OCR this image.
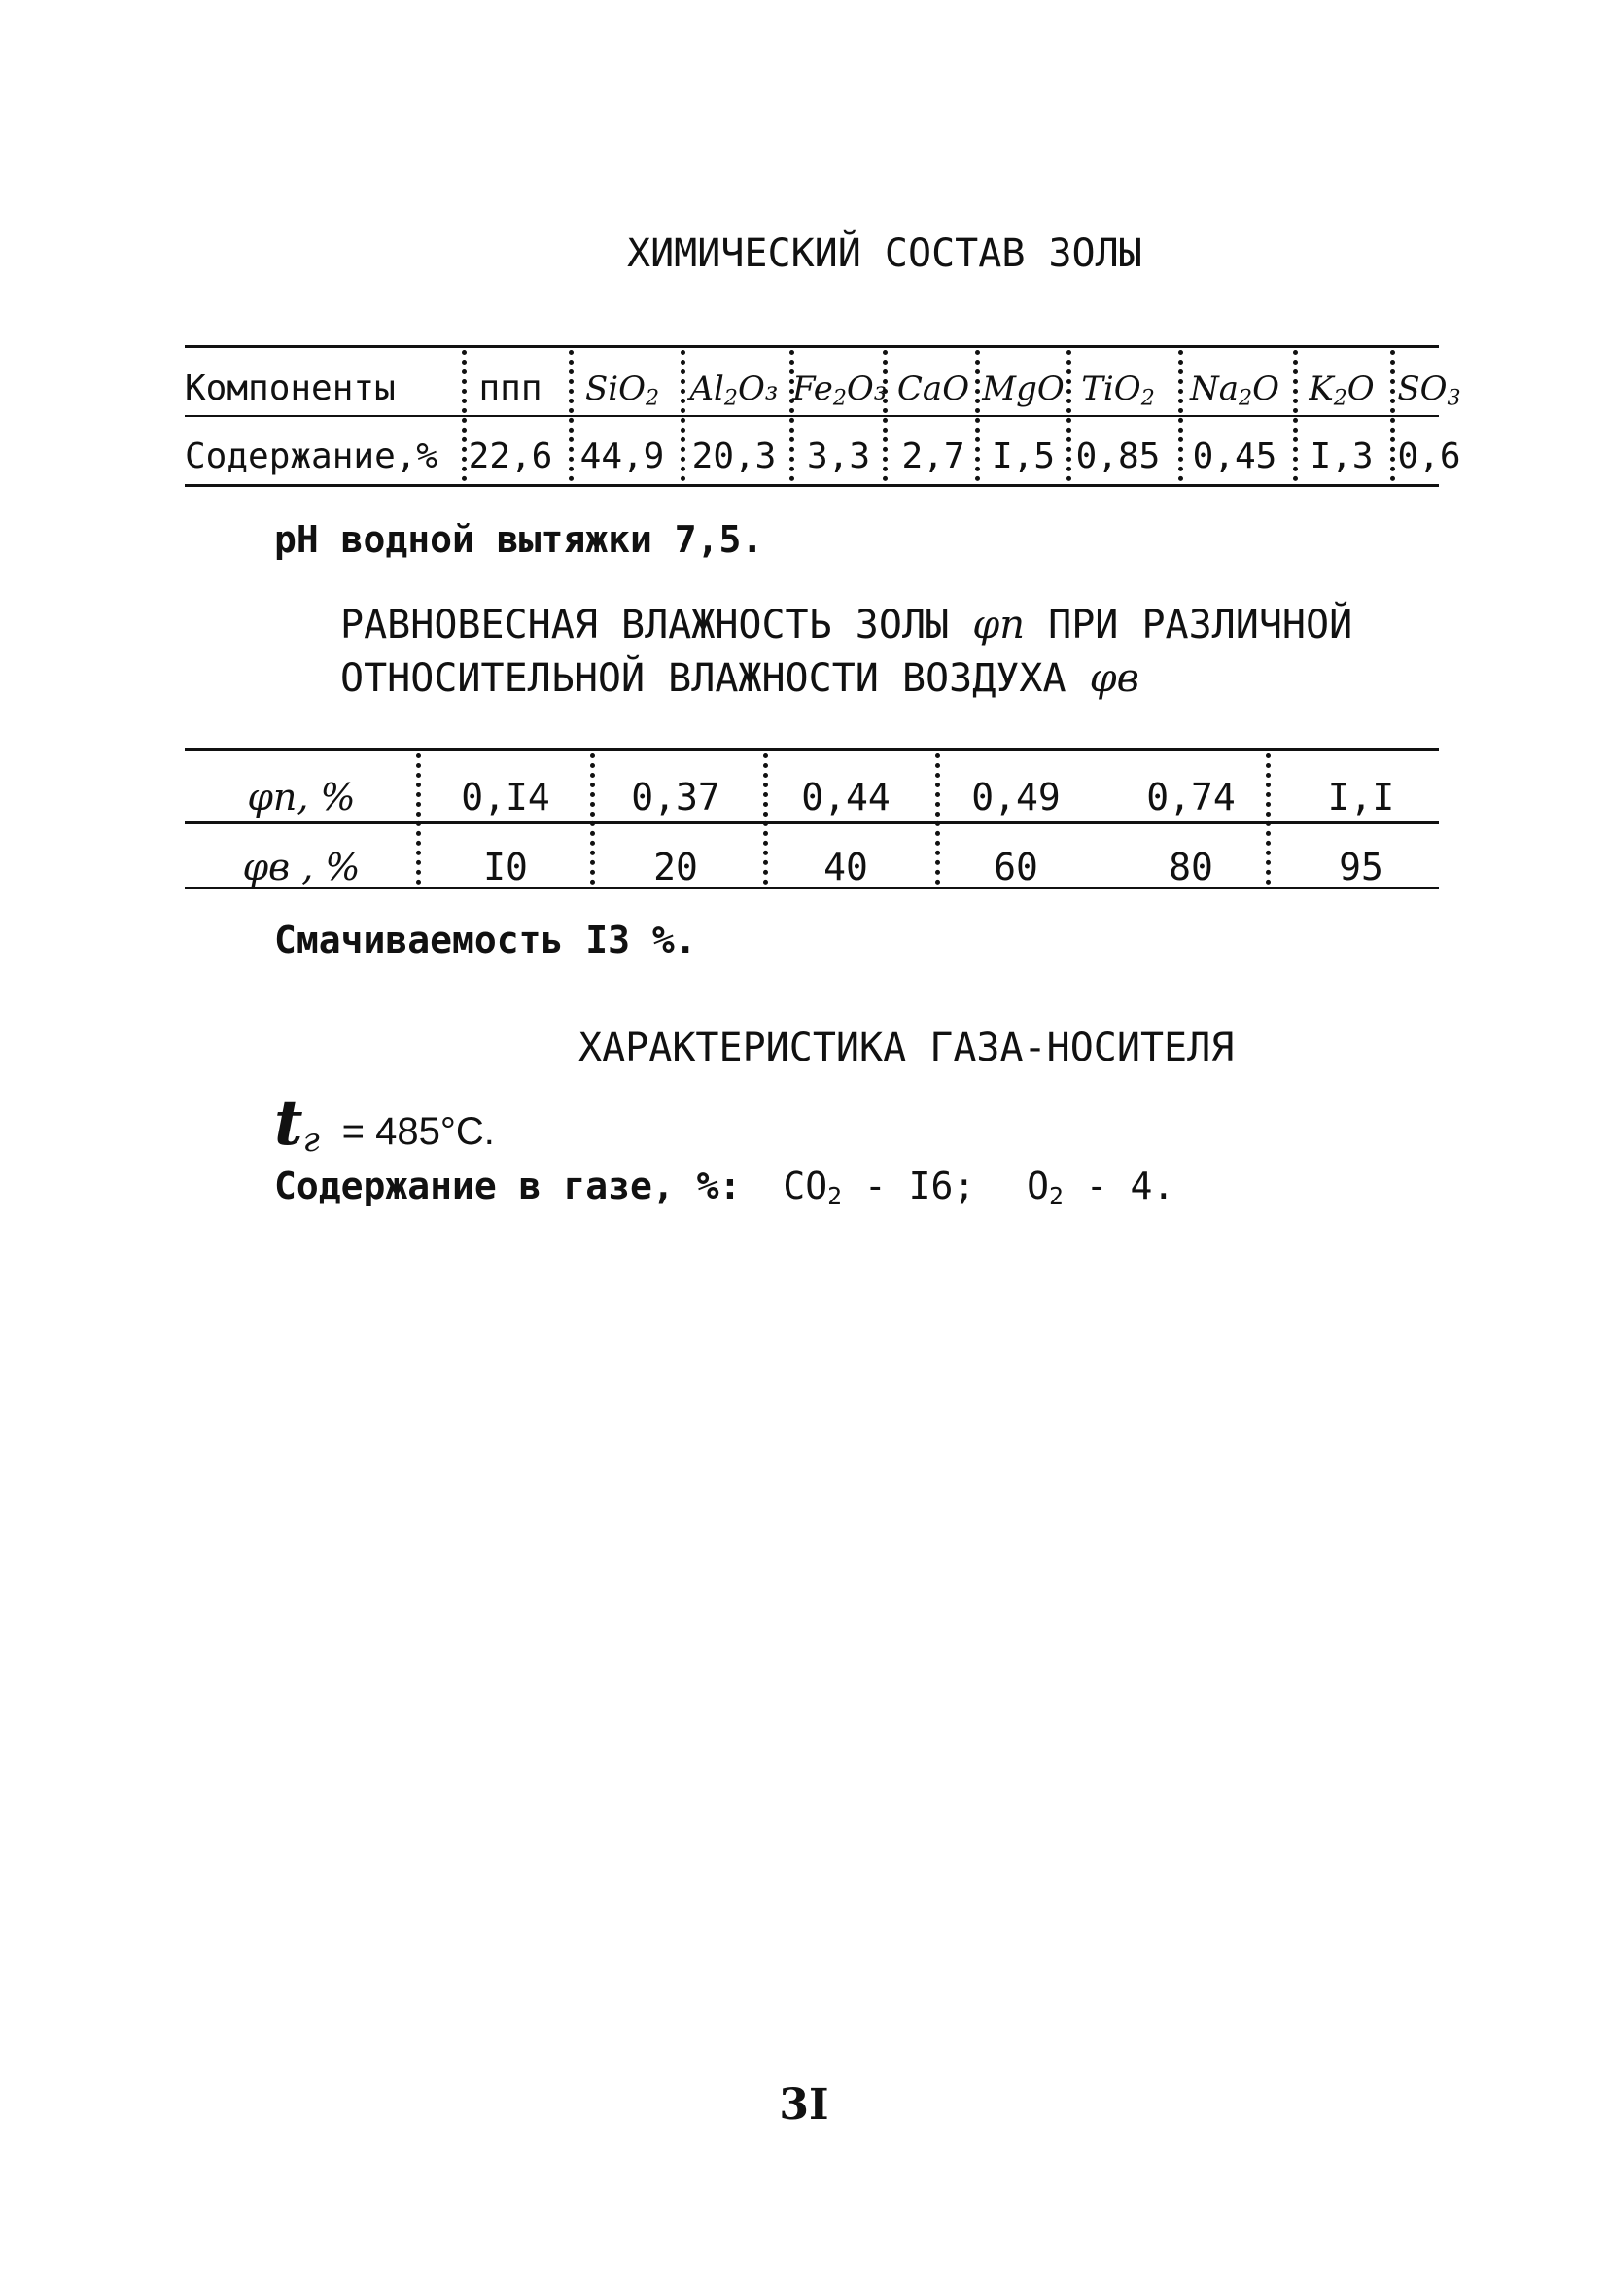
ХИМИЧЕСКИЙ СОСТАВ ЗОЛЫ
Компоненты	ппп	SiO$_2$ $Al_2O_3$ $Fe_2O_3$ CaO MgO TiO$_2$	$Na_2O$ $K_2O$ $SO_3$
Содержание,% 22,6 44,9 20,3 3,3 2,7 I,5 0,85 0,45 I,3 0,6
pH водной вытяжки 7,5.
РАВНОВЕСНАЯ ВЛАЖНОСТЬ ЗОЛЫ φп ПРИ РАЗЛИЧНОЙ
ОТНОСИТЕЛЬНОЙ ВЛАЖНОСТИ ВОЗДУХА φв
φп, %	0,I4	0,37	0,44	0,49	0,74	I,I
φв , %	I0	20	40	60	80	95
Смачиваемость I3 %.
ХАРАКТЕРИСТИКА ГАЗА-НОСИТЕЛЯ
tг = 485°С.
Содержание в газе, %: $CO_2 - I6$; $O_2 - 4$.
3I
